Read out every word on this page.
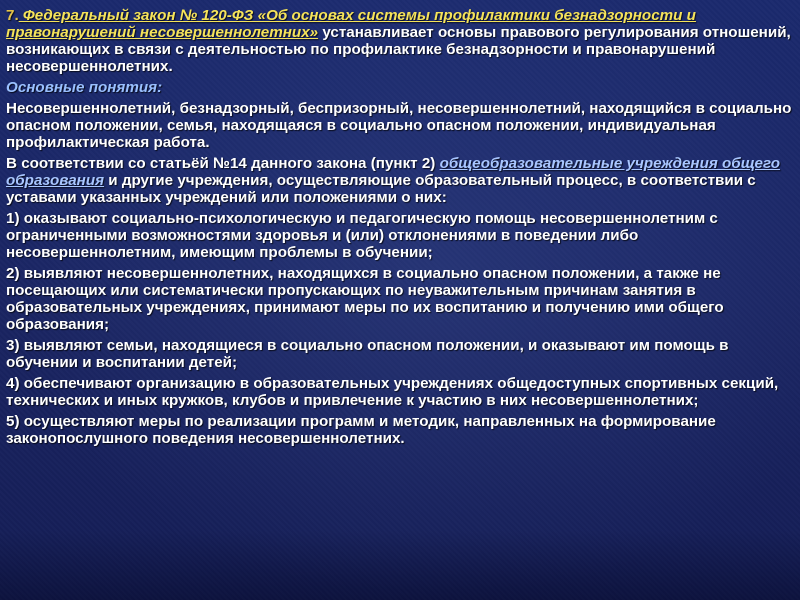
7. Федеральный закон № 120-ФЗ «Об основах системы профилактики безнадзорности и правонарушений несовершеннолетних» устанавливает основы правового регулирования отношений, возникающих в связи с деятельностью по профилактике безнадзорности и правонарушений несовершеннолетних.

Основные понятия:

Несовершеннолетний, безнадзорный, беспризорный, несовершеннолетний, находящийся в социально опасном положении, семья, находящаяся в социально опасном положении, индивидуальная профилактическая работа.

В соответствии со статьёй №14 данного закона (пункт 2) общеобразовательные учреждения общего образования и другие учреждения, осуществляющие образовательный процесс, в соответствии с уставами указанных учреждений или положениями о них:

1) оказывают социально-психологическую и педагогическую помощь несовершеннолетним с ограниченными возможностями здоровья и (или) отклонениями в поведении либо несовершеннолетним, имеющим проблемы в обучении;

2) выявляют несовершеннолетних, находящихся в социально опасном положении, а также не посещающих или систематически пропускающих по неуважительным причинам занятия в образовательных учреждениях, принимают меры по их воспитанию и получению ими общего образования;

3) выявляют семьи, находящиеся в социально опасном положении, и оказывают им помощь в обучении и воспитании детей;

4) обеспечивают организацию в образовательных учреждениях общедоступных спортивных секций, технических и иных кружков, клубов и привлечение к участию в них несовершеннолетних;

5) осуществляют меры по реализации программ и методик, направленных на формирование законопослушного поведения несовершеннолетних.
